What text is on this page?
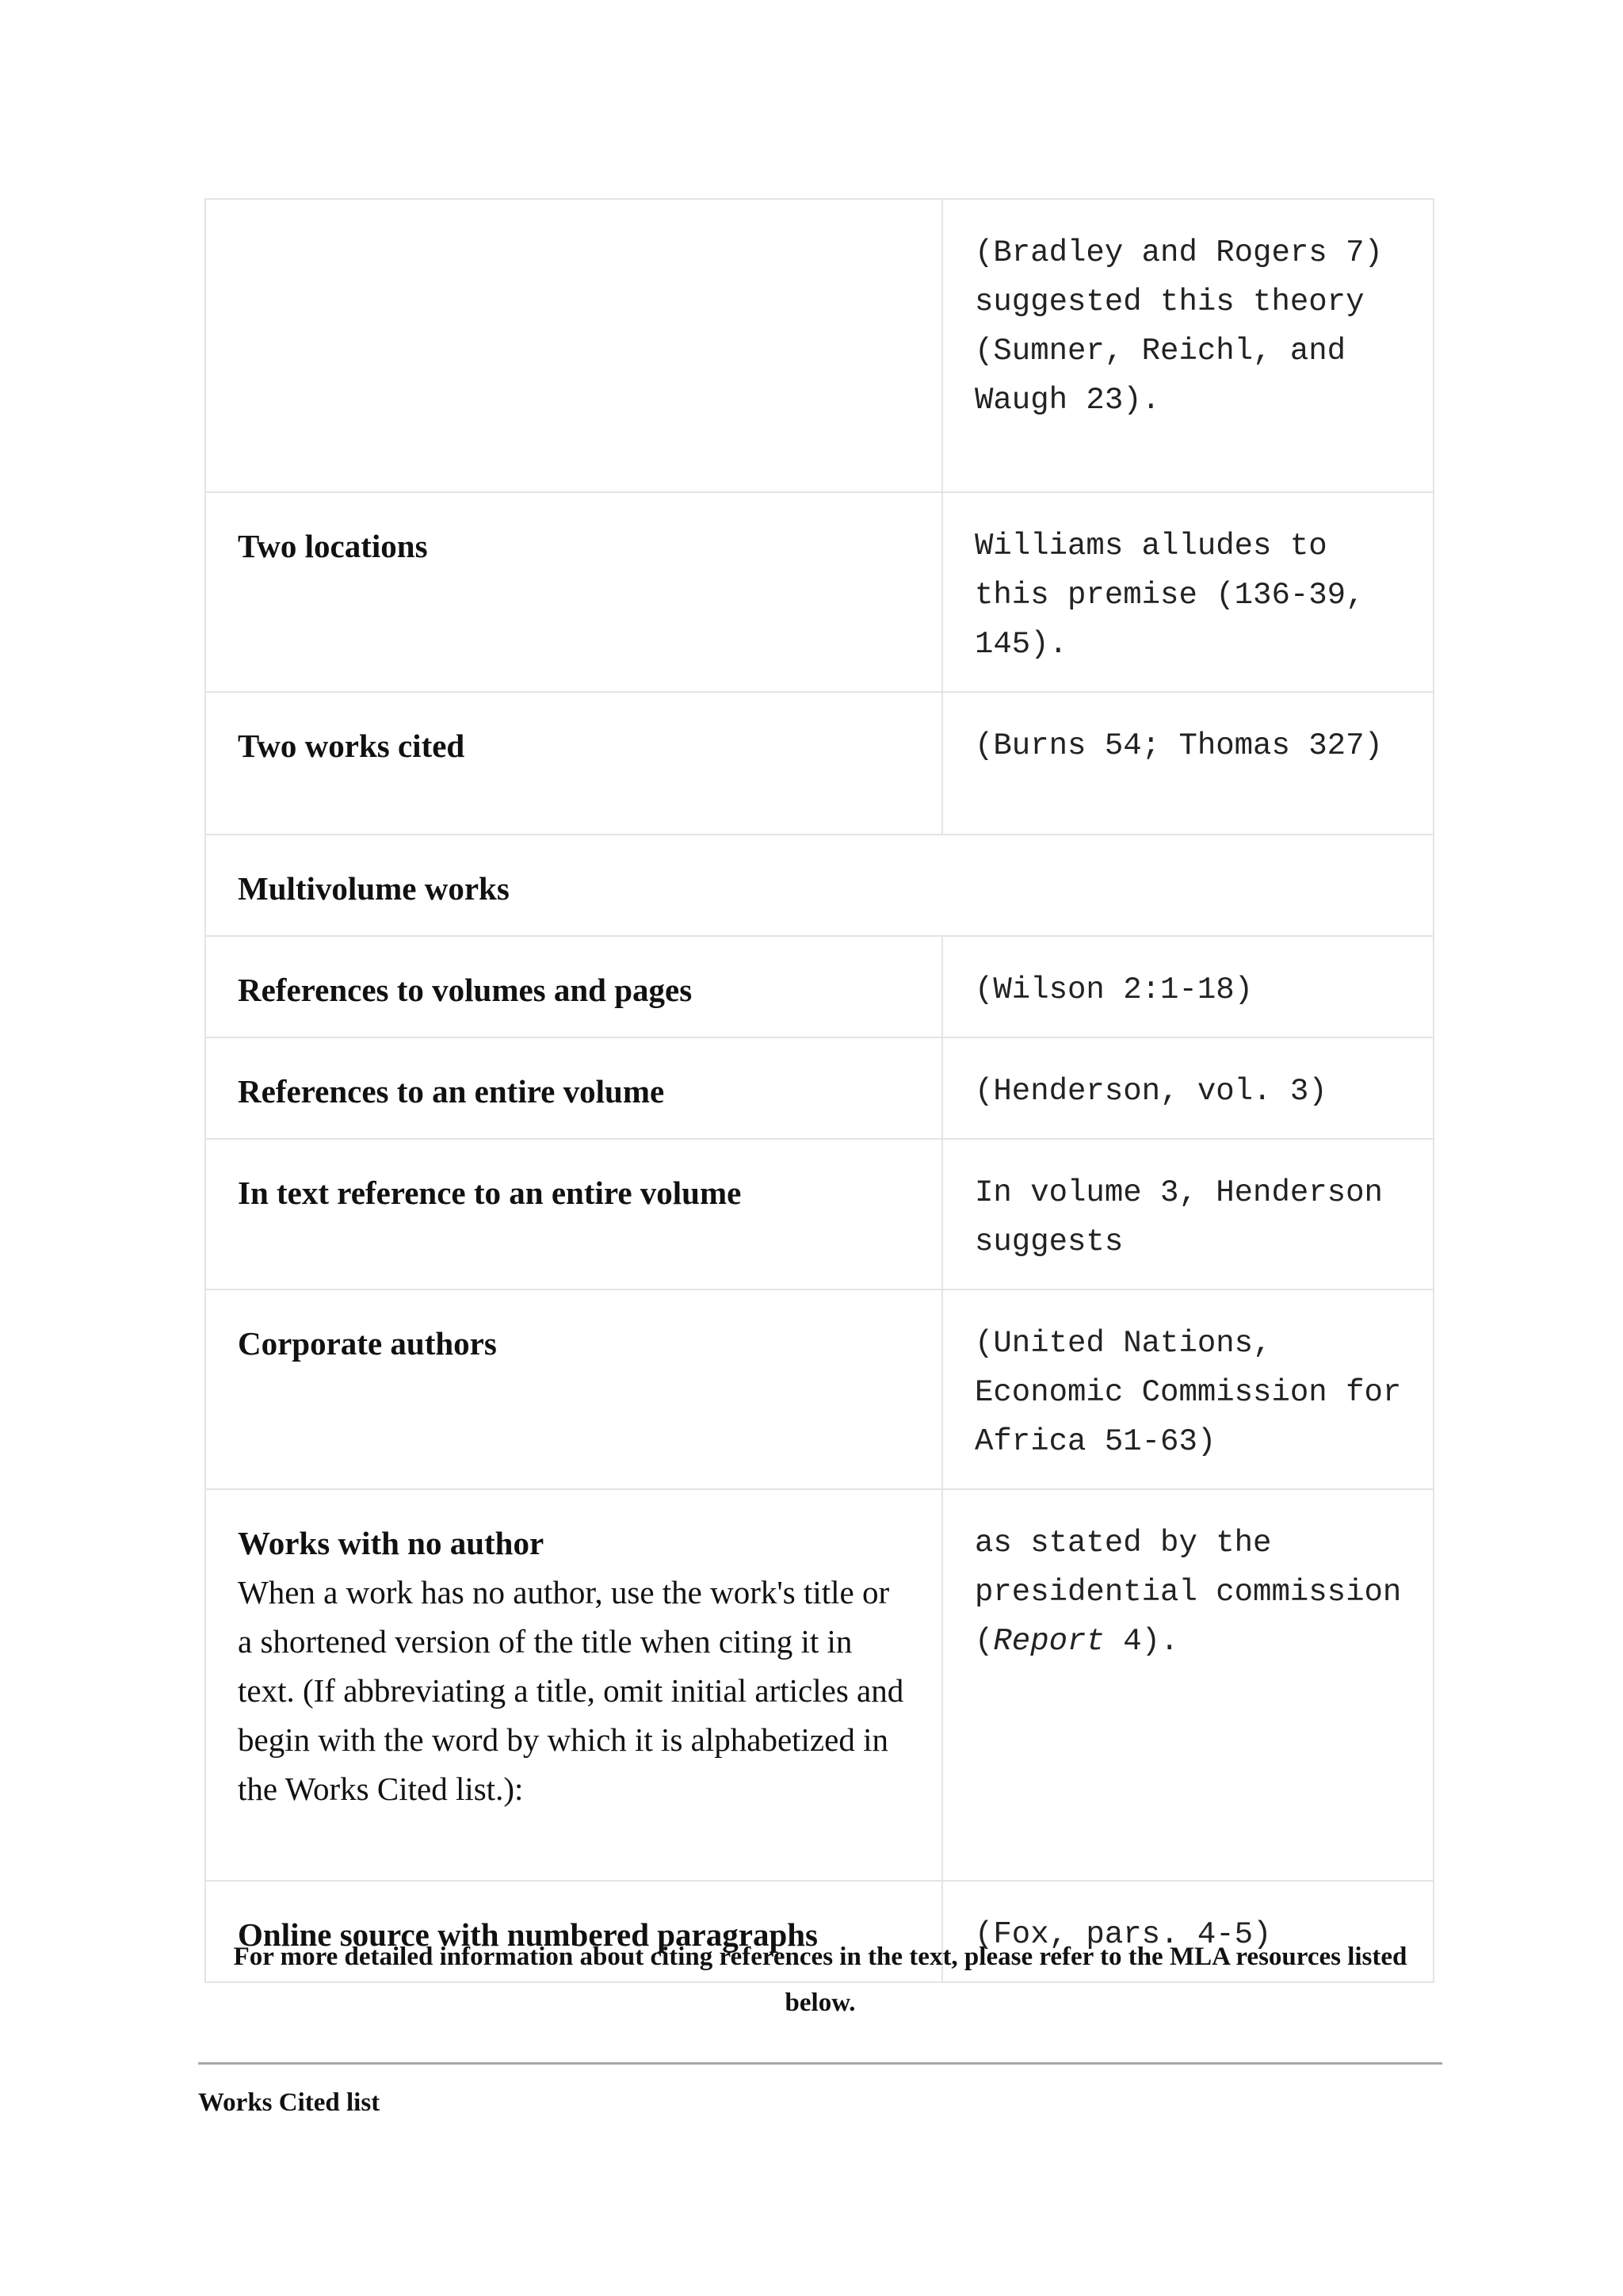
	(Bradley and Rogers 7) suggested this theory (Sumner, Reichl, and Waugh 23).

Two locations	Williams alludes to this premise (136-39, 145).

Two works cited	(Burns 54; Thomas 327)

Multivolume works	

References to volumes and pages	(Wilson 2:1-18)

References to an entire volume	(Henderson, vol. 3)

In text reference to an entire volume	In volume 3, Henderson suggests

Corporate authors	(United Nations, Economic Commission for Africa 51-63)

Works with no author
When a work has no author, use the work's title or a shortened version of the title when citing it in text. (If abbreviating a title, omit initial articles and begin with the word by which it is alphabetized in the Works Cited list.):	as stated by the presidential commission (Report 4).

Online source with numbered paragraphs	(Fox, pars. 4-5)
For more detailed information about citing references in the text, please refer to the MLA resources listed below.
Works Cited list
